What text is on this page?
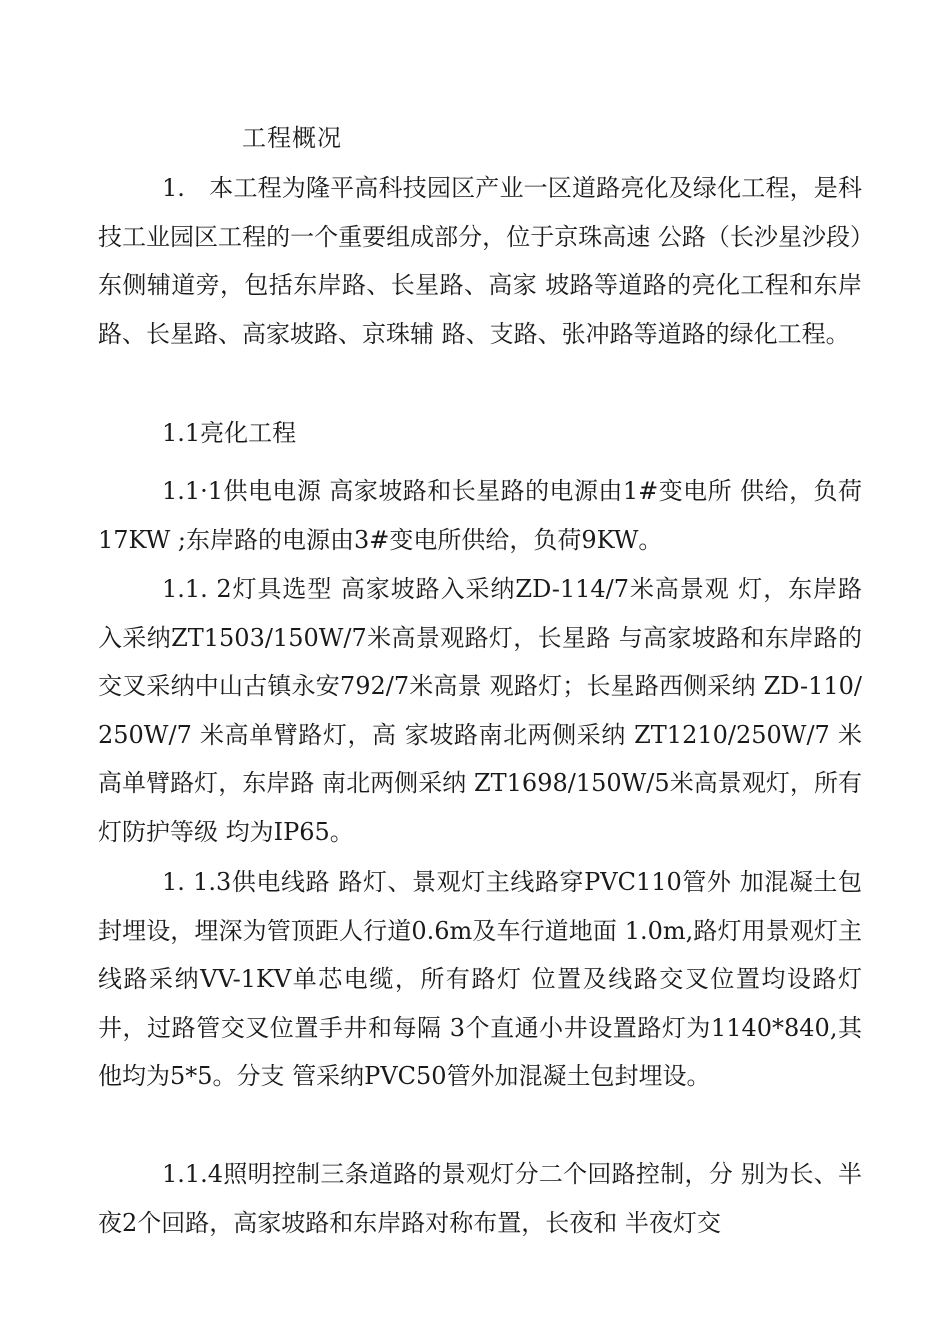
工程概况

1.　本工程为隆平高科技园区产业一区道路亮化及绿化工程，是科技工业园区工程的一个重要组成部分，位于京珠高速 公路（长沙星沙段）东侧辅道旁，包括东岸路、长星路、高家 坡路等道路的亮化工程和东岸路、长星路、高家坡路、京珠辅 路、支路、张冲路等道路的绿化工程。

1.1亮化工程

1.1·1供电电源 高家坡路和长星路的电源由1#变电所 供给，负荷17KW ;东岸路的电源由3#变电所供给，负荷9KW。

1.1. 2灯具选型 高家坡路入采纳ZD-114/7米高景观 灯，东岸路入采纳ZT1503/150W/7米高景观路灯，长星路 与高家坡路和东岸路的交叉采纳中山古镇永安792/7米高景 观路灯；长星路西侧采纳 ZD-110/250W/7 米高单臂路灯，高 家坡路南北两侧采纳 ZT1210/250W/7 米高单臂路灯，东岸路 南北两侧采纳 ZT1698/150W/5米高景观灯，所有灯防护等级 均为IP65。

1. 1.3供电线路 路灯、景观灯主线路穿PVC110管外 加混凝土包封埋设，埋深为管顶距人行道0.6m及车行道地面 1.0m,路灯用景观灯主线路采纳VV-1KV单芯电缆，所有路灯 位置及线路交叉位置均设路灯井，过路管交叉位置手井和每隔 3个直通小井设置路灯为1140*840,其他均为5*5。分支 管采纳PVC50管外加混凝土包封埋设。

1.1.4照明控制三条道路的景观灯分二个回路控制，分 别为长、半夜2个回路，高家坡路和东岸路对称布置，长夜和 半夜灯交
